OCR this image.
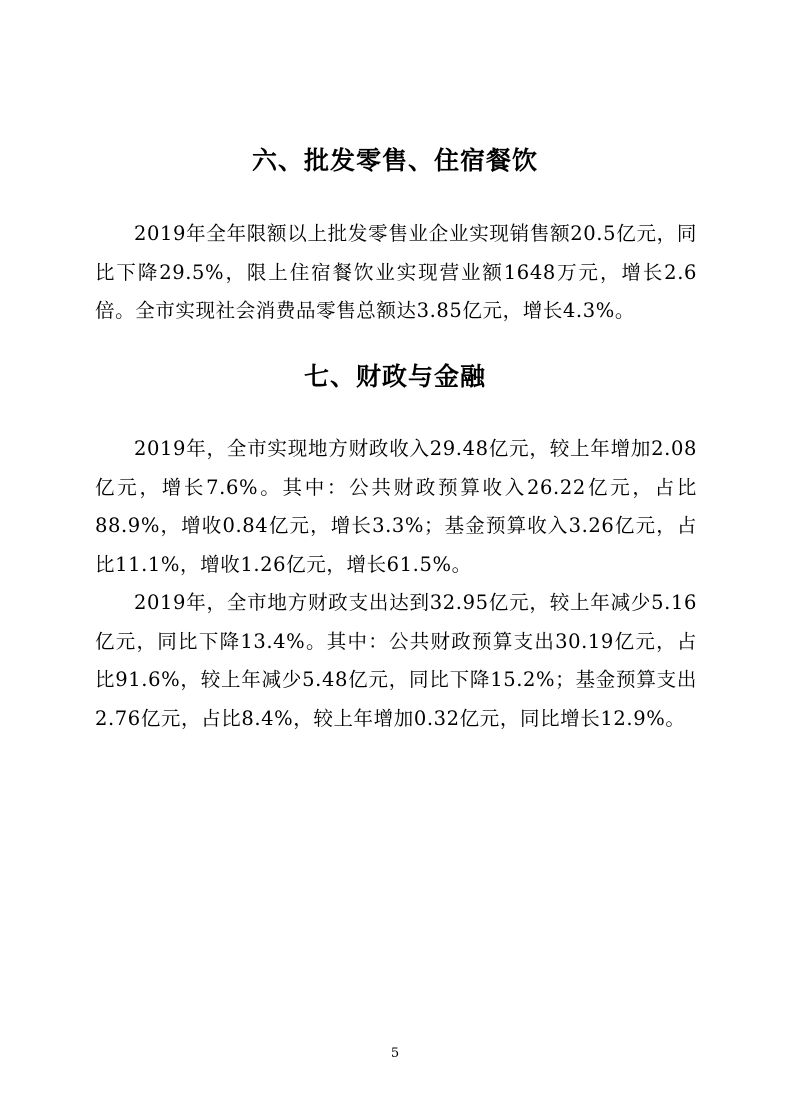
六、批发零售、住宿餐饮

2019年全年限额以上批发零售业企业实现销售额20.5亿元，同比下降29.5%，限上住宿餐饮业实现营业额1648万元，增长2.6倍。全市实现社会消费品零售总额达3.85亿元，增长4.3%。

七、财政与金融

2019年，全市实现地方财政收入29.48亿元，较上年增加2.08亿元，增长7.6%。其中：公共财政预算收入26.22亿元，占比88.9%，增收0.84亿元，增长3.3%；基金预算收入3.26亿元，占比11.1%，增收1.26亿元，增长61.5%。

2019年，全市地方财政支出达到32.95亿元，较上年减少5.16亿元，同比下降13.4%。其中：公共财政预算支出30.19亿元，占比91.6%，较上年减少5.48亿元，同比下降15.2%；基金预算支出2.76亿元，占比8.4%，较上年增加0.32亿元，同比增长12.9%。

5
